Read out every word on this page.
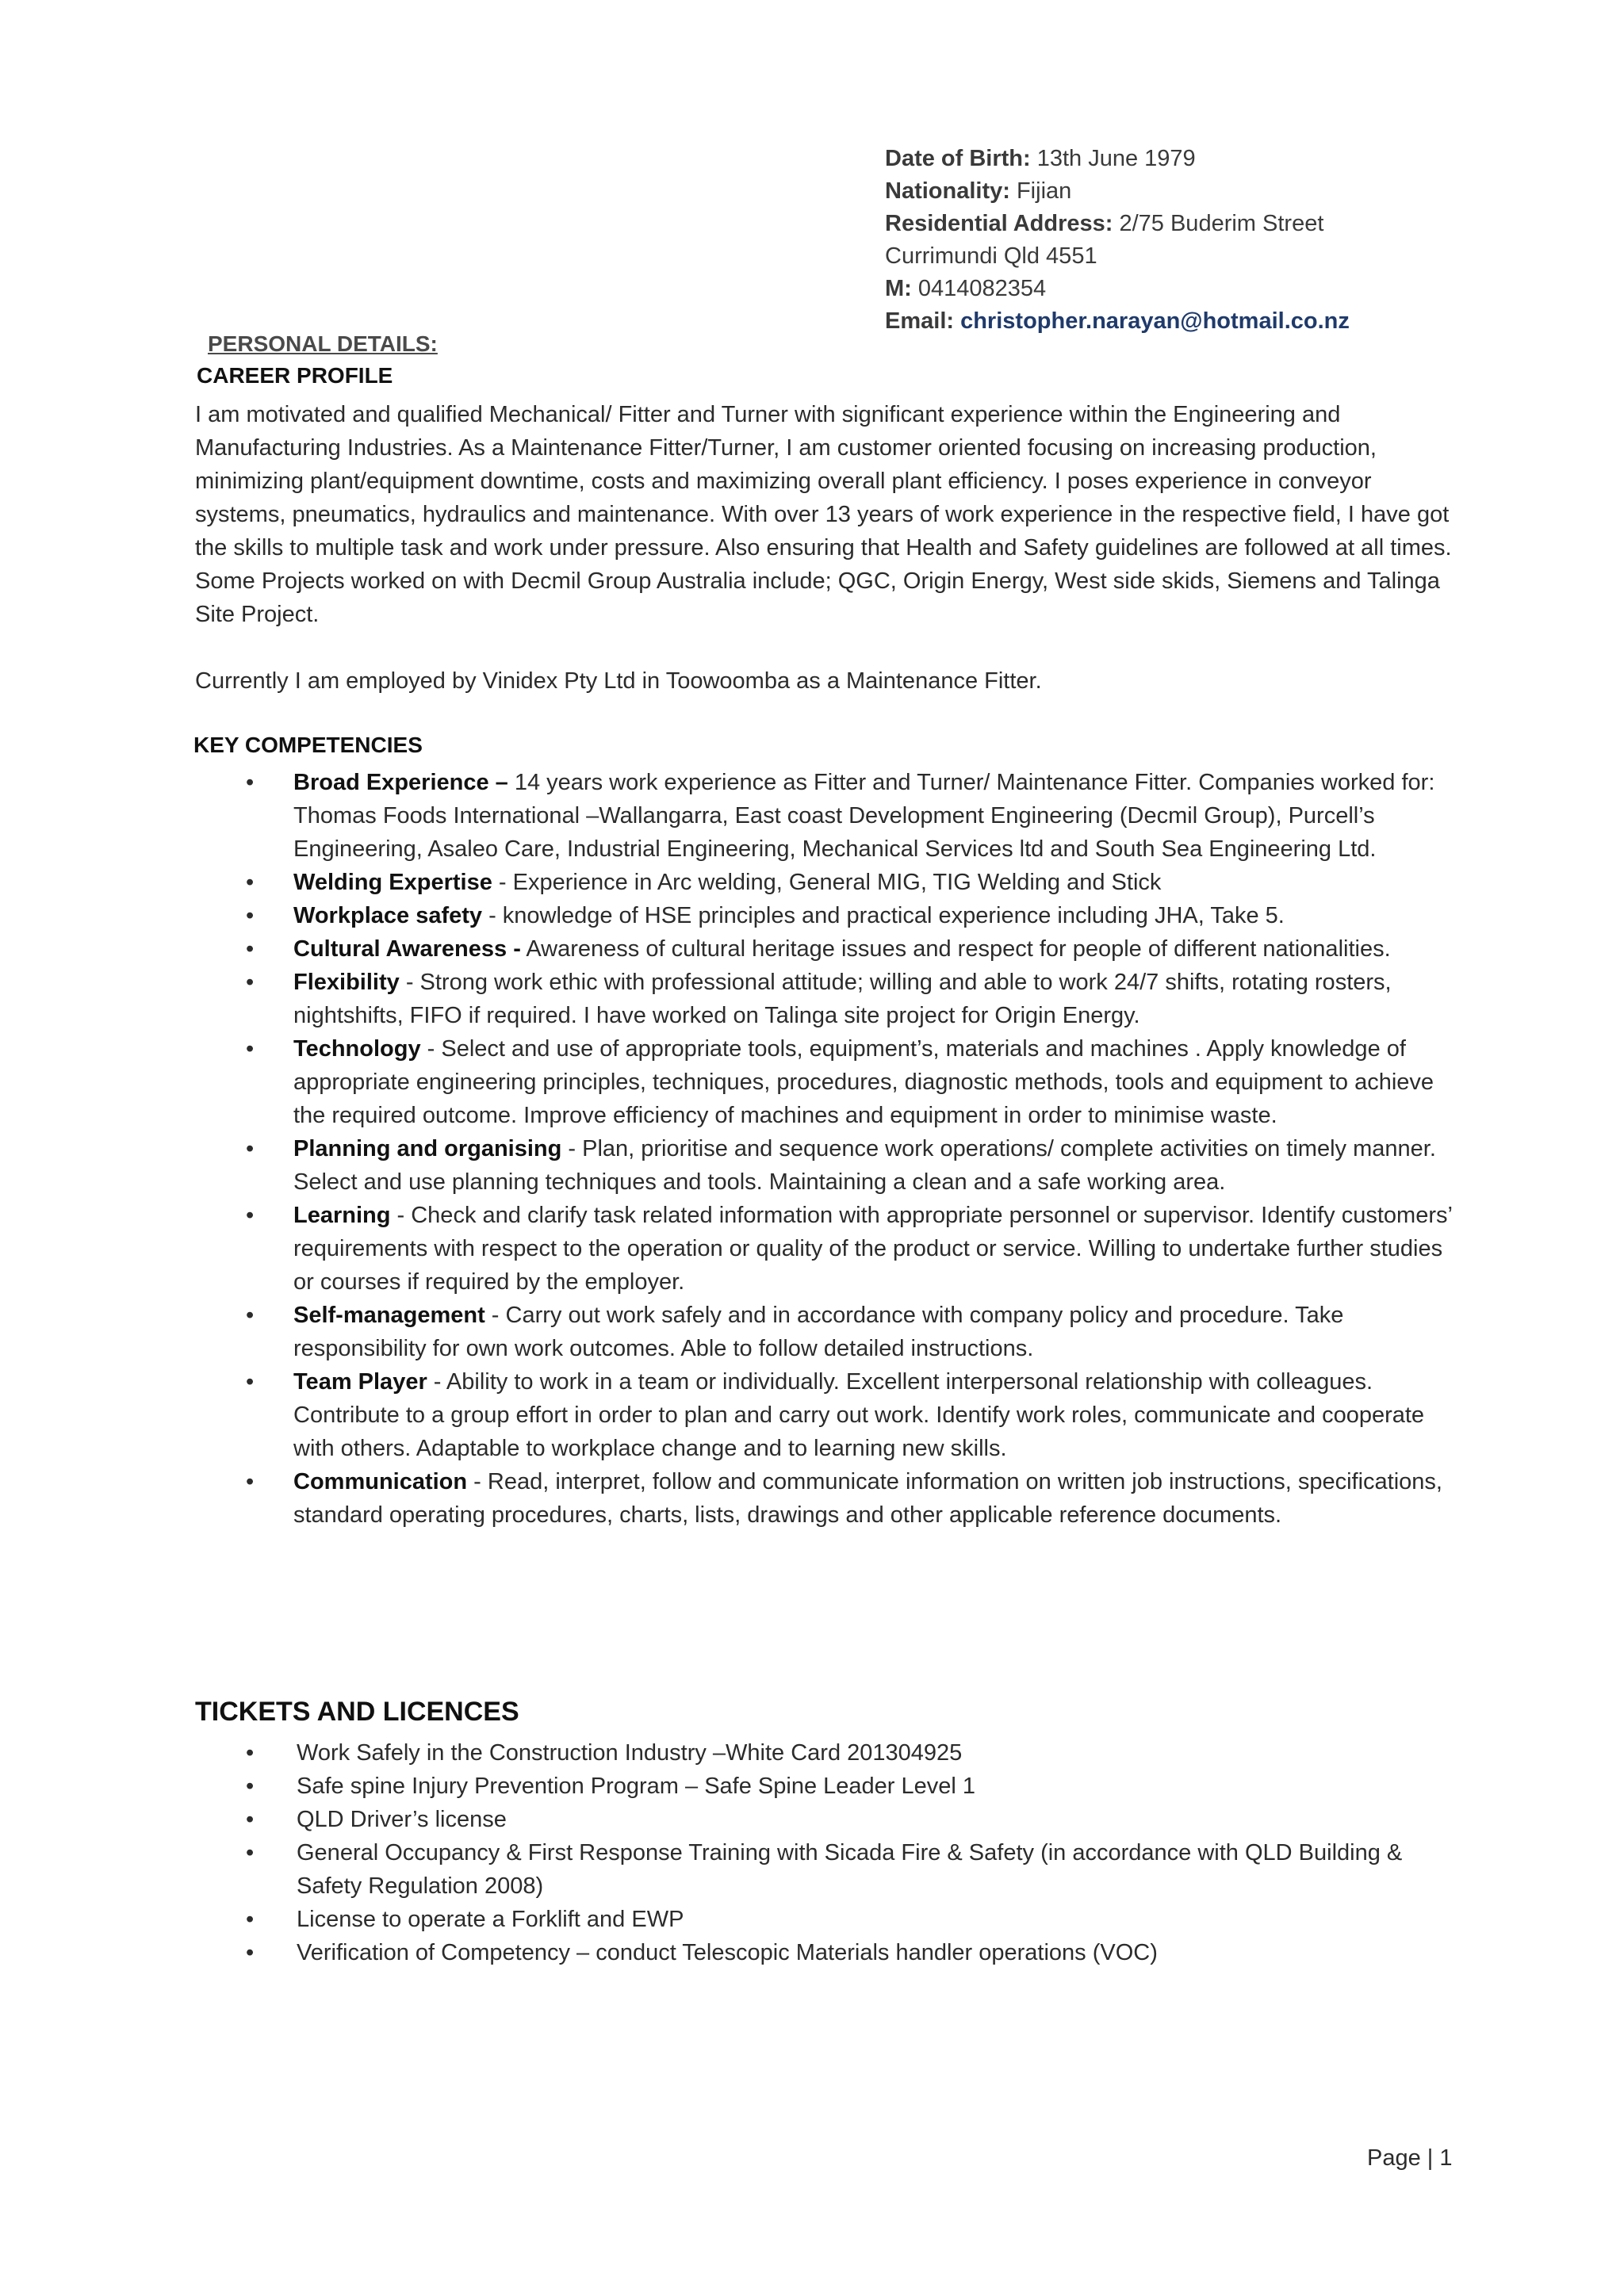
Date of Birth: 13th June 1979
Nationality: Fijian
Residential Address: 2/75 Buderim Street
Currimundi Qld 4551
M: 0414082354
Email: christopher.narayan@hotmail.co.nz
PERSONAL DETAILS:
CAREER PROFILE
I am motivated and qualified Mechanical/ Fitter and Turner with significant experience within the Engineering and Manufacturing Industries. As a Maintenance Fitter/Turner, I am customer oriented focusing on increasing production, minimizing plant/equipment downtime, costs and maximizing overall plant efficiency. I poses experience in conveyor systems, pneumatics, hydraulics and maintenance. With over 13 years of work experience in the respective field, I have got the skills to multiple task and work under pressure. Also ensuring that Health and Safety guidelines are followed at all times. Some Projects worked on with Decmil Group Australia include; QGC, Origin Energy, West side skids, Siemens and Talinga Site Project.
Currently I am employed by Vinidex Pty Ltd in Toowoomba as a Maintenance Fitter.
KEY COMPETENCIES
• Broad Experience – 14 years work experience as Fitter and Turner/ Maintenance Fitter. Companies worked for: Thomas Foods International –Wallangarra, East coast Development Engineering (Decmil Group), Purcell’s Engineering, Asaleo Care, Industrial Engineering, Mechanical Services ltd and South Sea Engineering Ltd.
• Welding Expertise - Experience in Arc welding, General MIG, TIG Welding and Stick
• Workplace safety - knowledge of HSE principles and practical experience including JHA, Take 5.
• Cultural Awareness - Awareness of cultural heritage issues and respect for people of different nationalities.
• Flexibility - Strong work ethic with professional attitude; willing and able to work 24/7 shifts, rotating rosters, nightshifts, FIFO if required. I have worked on Talinga site project for Origin Energy.
• Technology - Select and use of appropriate tools, equipment’s, materials and machines . Apply knowledge of appropriate engineering principles, techniques, procedures, diagnostic methods, tools and equipment to achieve the required outcome. Improve efficiency of machines and equipment in order to minimise waste.
• Planning and organising - Plan, prioritise and sequence work operations/ complete activities on timely manner. Select and use planning techniques and tools. Maintaining a clean and a safe working area.
• Learning - Check and clarify task related information with appropriate personnel or supervisor. Identify customers’ requirements with respect to the operation or quality of the product or service. Willing to undertake further studies or courses if required by the employer.
• Self-management - Carry out work safely and in accordance with company policy and procedure. Take responsibility for own work outcomes. Able to follow detailed instructions.
• Team Player - Ability to work in a team or individually. Excellent interpersonal relationship with colleagues. Contribute to a group effort in order to plan and carry out work. Identify work roles, communicate and cooperate with others. Adaptable to workplace change and to learning new skills.
• Communication - Read, interpret, follow and communicate information on written job instructions, specifications, standard operating procedures, charts, lists, drawings and other applicable reference documents.
TICKETS AND LICENCES
• Work Safely in the Construction Industry –White Card 201304925
• Safe spine Injury Prevention Program – Safe Spine Leader Level 1
• QLD Driver’s license
• General Occupancy & First Response Training with Sicada Fire & Safety (in accordance with QLD Building & Safety Regulation 2008)
• License to operate a Forklift and EWP
• Verification of Competency – conduct Telescopic Materials handler operations (VOC)
Page | 1
